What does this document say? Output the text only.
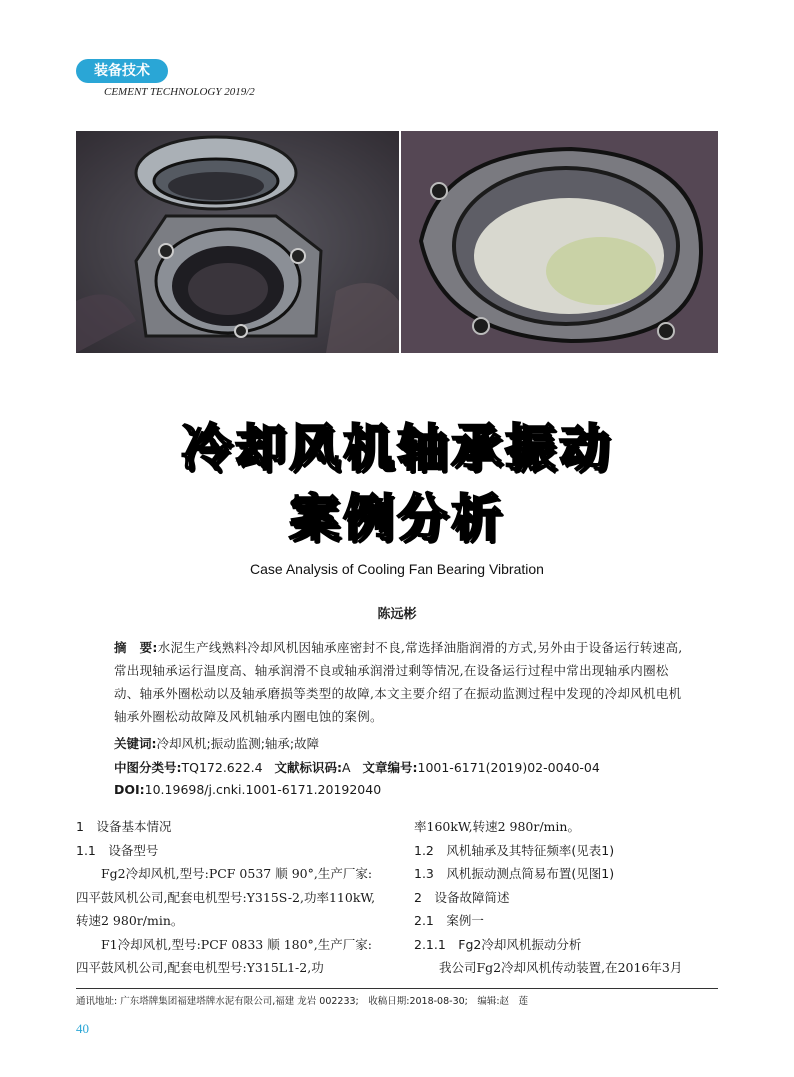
装备技术
CEMENT TECHNOLOGY 2019/2
冷却风机轴承振动
案例分析
Case Analysis of Cooling Fan Bearing Vibration
陈远彬
摘　要:水泥生产线熟料冷却风机因轴承座密封不良,常选择油脂润滑的方式,另外由于设备运行转速高,常出现轴承运行温度高、轴承润滑不良或轴承润滑过剩等情况,在设备运行过程中常出现轴承内圈松动、轴承外圈松动以及轴承磨损等类型的故障,本文主要介绍了在振动监测过程中发现的冷却风机电机轴承外圈松动故障及风机轴承内圈电蚀的案例。
关键词:冷却风机;振动监测;轴承;故障
中图分类号:TQ172.622.4 文献标识码:A 文章编号:1001-6171(2019)02-0040-04
DOI:10.19698/j.cnki.1001-6171.20192040

1　设备基本情况

1.1　设备型号

Fg2冷却风机,型号:PCF 0537 顺 90°,生产厂家:四平鼓风机公司,配套电机型号:Y315S-2,功率110kW,转速2 980r/min。

F1冷却风机,型号:PCF 0833 顺 180°,生产厂家:四平鼓风机公司,配套电机型号:Y315L1-2,功

率160kW,转速2 980r/min。

1.2　风机轴承及其特征频率(见表1)

1.3　风机振动测点简易布置(见图1)

2　设备故障简述

2.1　案例一

2.1.1　Fg2冷却风机振动分析

我公司Fg2冷却风机传动装置,在2016年3月

通讯地址: 广东塔牌集团福建塔牌水泥有限公司,福建 龙岩 002233;　收稿日期:2018-08-30;　编辑:赵　莲
40
